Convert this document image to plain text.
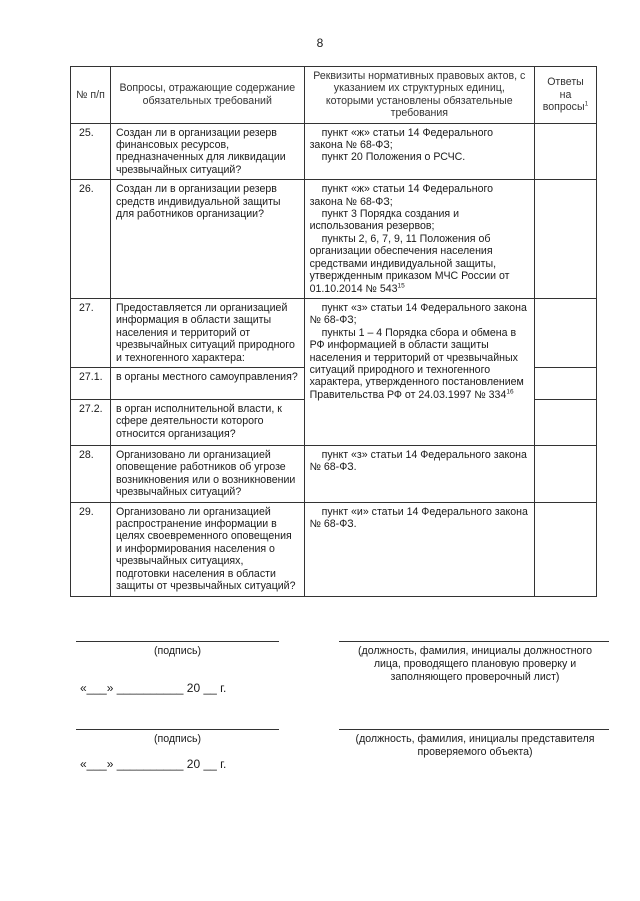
8
№ п/п	Вопросы, отражающие содержание обязательных требований	Реквизиты нормативных правовых актов, с указанием их структурных единиц, которыми установлены обязательные требования	Ответы на вопросы$^1$
25.	Создан ли в организации резерв финансовых ресурсов, предназначенных для ликвидации чрезвычайных ситуаций?	пункт «ж» статьи 14 Федерального закона № 68-ФЗ;

пункт 20 Положения о РСЧС.	

26.	Создан ли в организации резерв средств индивидуальной защиты для работников организации?	пункт «ж» статьи 14 Федерального закона № 68-ФЗ;

пункт 3 Порядка создания и использования резервов;

пункты 2, 6, 7, 9, 11 Положения об организации обеспечения населения средствами индивидуальной защиты, утвержденным приказом МЧС России от 01.10.2014 № $543^{15}$

27.	Предоставляется ли организацией информация в области защиты населения и территорий от чрезвычайных ситуаций природного и техногенного характера:	пункт «з» статьи 14 Федерального закона № 68-ФЗ;

пункты 1 – 4 Порядка сбора и обмена в РФ информацией в области защиты населения и территорий от чрезвычайных ситуаций природного и техногенного характера, утвержденного постановлением Правительства РФ от 24.03.1997 № $334^{16}$

27.1.	в органы местного самоуправления?		
27.2.	в орган исполнительной власти, к сфере деятельности которого относится организация?		
28.	Организовано ли организацией оповещение работников об угрозе возникновения или о возникновении чрезвычайных ситуаций?	пункт «з» статьи 14 Федерального закона № 68-ФЗ.	

29.	Организовано ли организацией распространение информации в целях своевременного оповещения и информирования населения о чрезвычайных ситуациях, подготовки населения в области защиты от чрезвычайных ситуаций?	пункт «и» статьи 14 Федерального закона № 68-ФЗ.	

(подпись)
«___» __________ 20 __ г.
(должность, фамилия, инициалы должностного лица, проводящего плановую проверку и заполняющего проверочный лист)
(подпись)
«___» __________ 20 __ г.
(должность, фамилия, инициалы представителя проверяемого объекта)
